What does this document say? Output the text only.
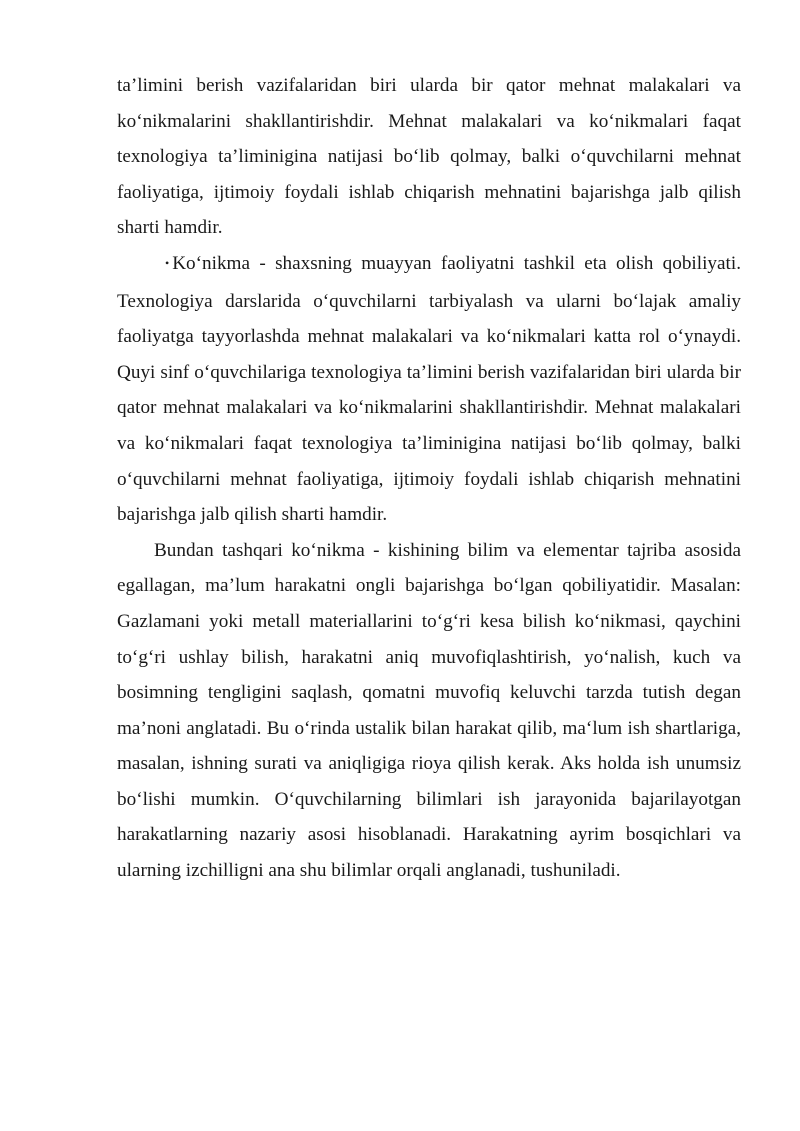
ta’limini berish vazifalaridan biri ularda bir qator mehnat malakalari va ko‘nikmalarini shakllantirishdir. Mehnat malakalari va ko‘nikmalari faqat texnologiya ta’liminigina natijasi bo‘lib qolmay, balki o‘quvchilarni mehnat faoliyatiga, ijtimoiy foydali ishlab chiqarish mehnatini bajarishga jalb qilish sharti hamdir.

• Ko‘nikma - shaxsning muayyan faoliyatni tashkil eta olish qobiliyati. Texnologiya darslarida o‘quvchilarni tarbiyalash va ularni bo‘lajak amaliy faoliyatga tayyorlashda mehnat malakalari va ko‘nikmalari katta rol o‘ynaydi. Quyi sinf o‘quvchilariga texnologiya ta’limini berish vazifalaridan biri ularda bir qator mehnat malakalari va ko‘nikmalarini shakllantirishdir. Mehnat malakalari va ko‘nikmalari faqat texnologiya ta’liminigina natijasi bo‘lib qolmay, balki o‘quvchilarni mehnat faoliyatiga, ijtimoiy foydali ishlab chiqarish mehnatini bajarishga jalb qilish sharti hamdir.

Bundan tashqari ko‘nikma - kishining bilim va elementar tajriba asosida egallagan, ma’lum harakatni ongli bajarishga bo‘lgan qobiliyatidir. Masalan: Gazlamani yoki metall materiallarini to‘g‘ri kesa bilish ko‘nikmasi, qaychini to‘g‘ri ushlay bilish, harakatni aniq muvofiqlashtirish, yo‘nalish, kuch va bosimning tengligini saqlash, qomatni muvofiq keluvchi tarzda tutish degan ma’noni anglatadi. Bu o‘rinda ustalik bilan harakat qilib, ma‘lum ish shartlariga, masalan, ishning surati va aniqligiga rioya qilish kerak. Aks holda ish unumsiz bo‘lishi mumkin. O‘quvchilarning bilimlari ish jarayonida bajarilayotgan harakatlarning nazariy asosi hisoblanadi. Harakatning ayrim bosqichlari va ularning izchilligni ana shu bilimlar orqali anglanadi, tushuniladi.
